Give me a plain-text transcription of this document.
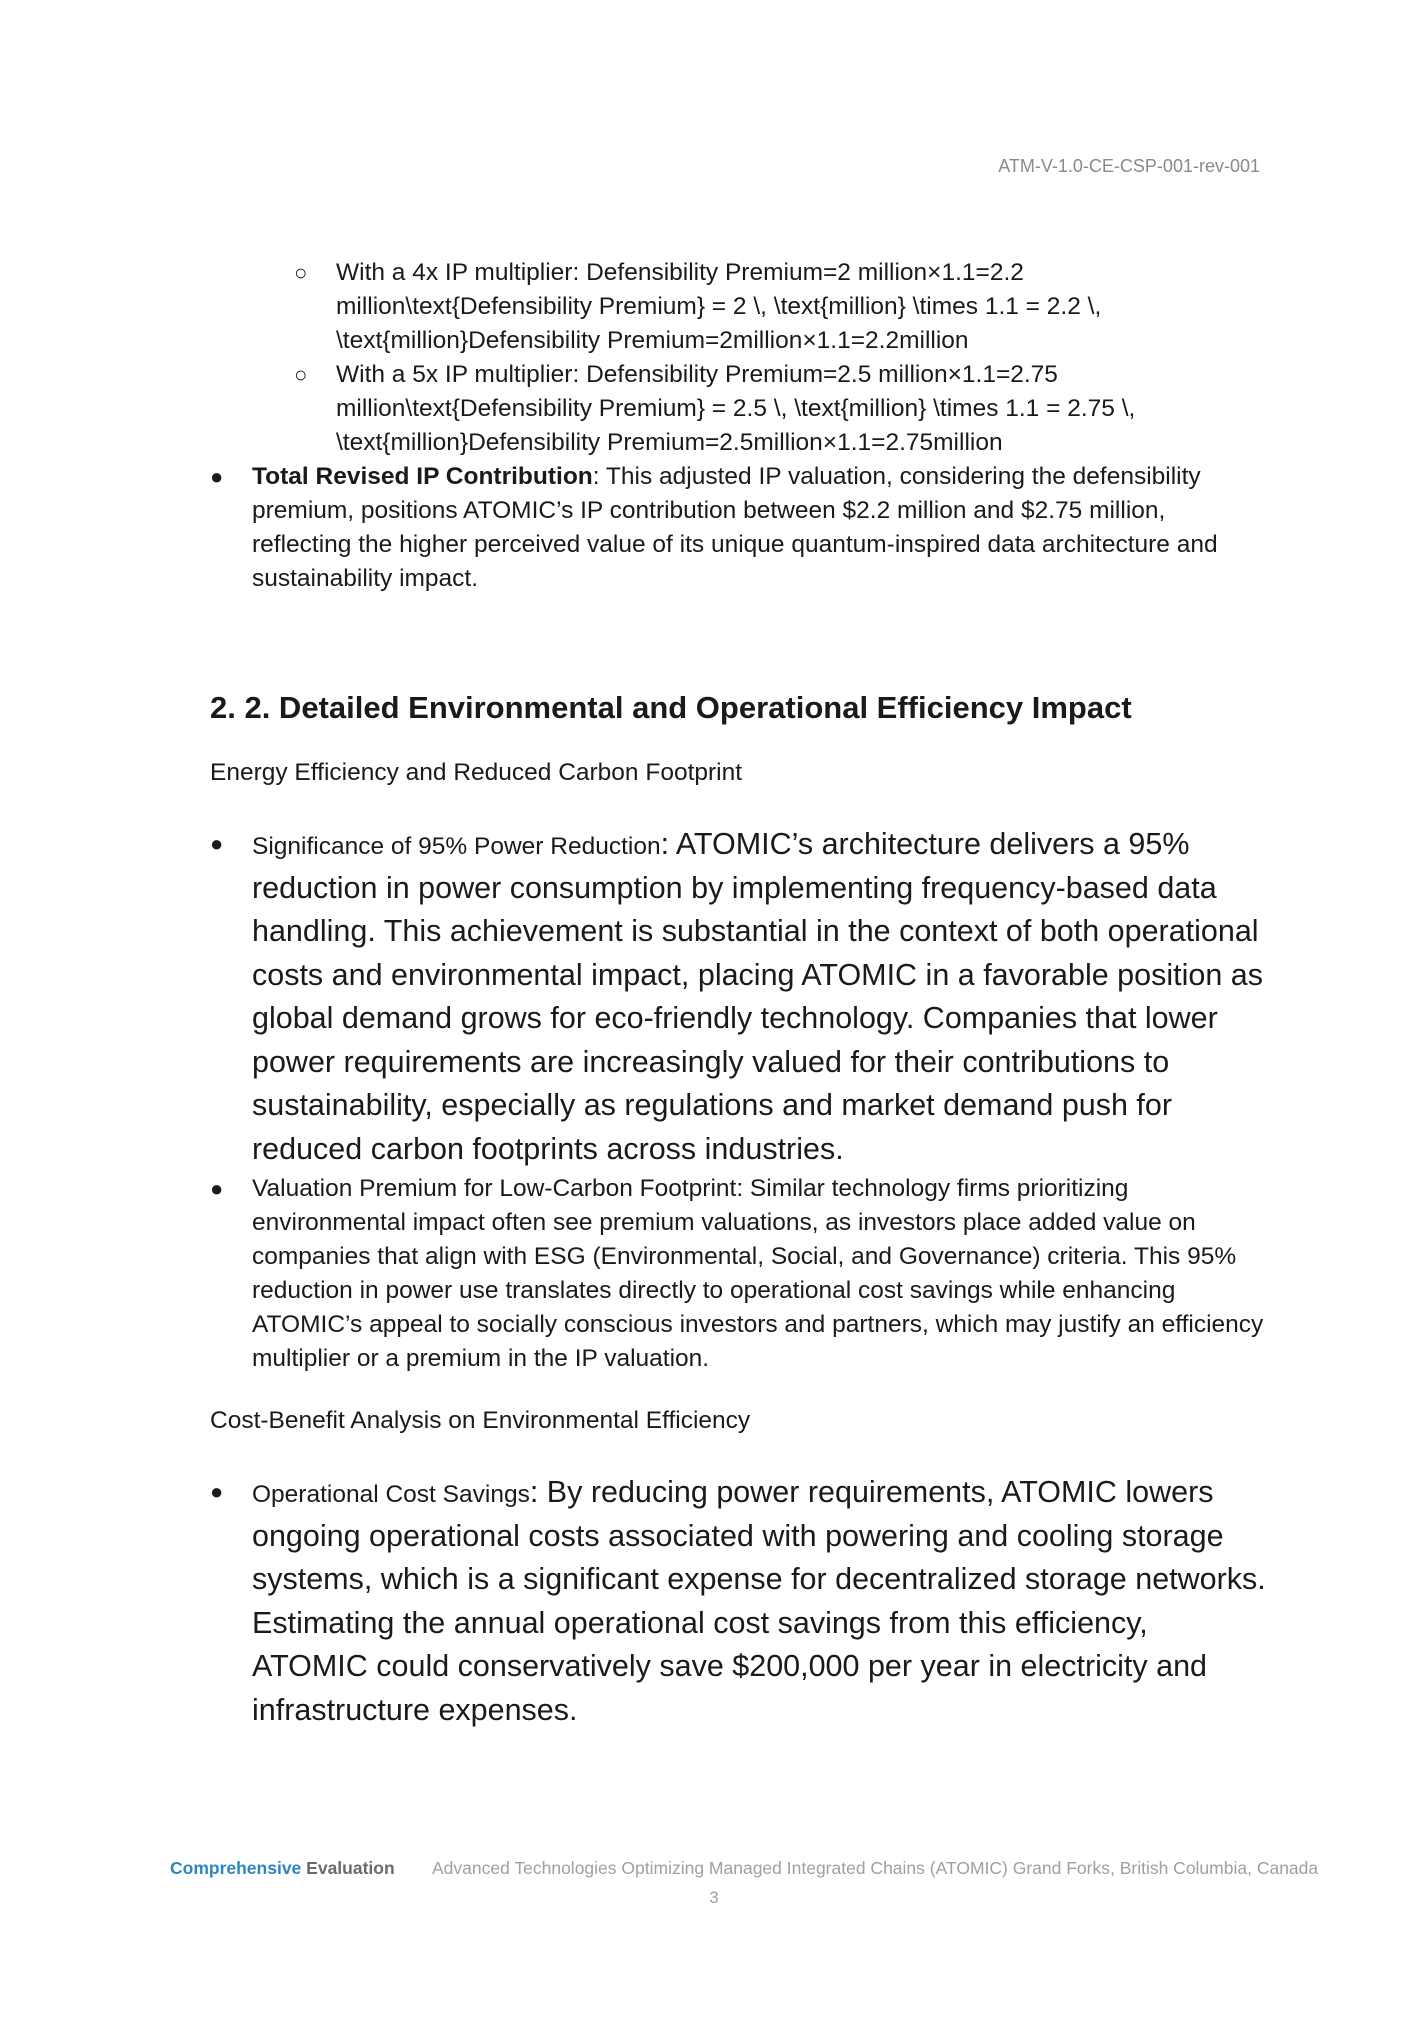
ATM-V-1.0-CE-CSP-001-rev-001
○ With a 4x IP multiplier: Defensibility Premium=2 million×1.1=2.2 million\text{Defensibility Premium} = 2 \, \text{million} \times 1.1 = 2.2 \, \text{million}Defensibility Premium=2million×1.1=2.2million
○ With a 5x IP multiplier: Defensibility Premium=2.5 million×1.1=2.75 million\text{Defensibility Premium} = 2.5 \, \text{million} \times 1.1 = 2.75 \, \text{million}Defensibility Premium=2.5million×1.1=2.75million
● Total Revised IP Contribution: This adjusted IP valuation, considering the defensibility premium, positions ATOMIC’s IP contribution between $2.2 million and $2.75 million, reflecting the higher perceived value of its unique quantum-inspired data architecture and sustainability impact.
2. 2. Detailed Environmental and Operational Efficiency Impact

Energy Efficiency and Reduced Carbon Footprint

● Significance of 95% Power Reduction: ATOMIC’s architecture delivers a 95% reduction in power consumption by implementing frequency-based data handling. This achievement is substantial in the context of both operational costs and environmental impact, placing ATOMIC in a favorable position as global demand grows for eco-friendly technology. Companies that lower power requirements are increasingly valued for their contributions to sustainability, especially as regulations and market demand push for reduced carbon footprints across industries.
● Valuation Premium for Low-Carbon Footprint: Similar technology firms prioritizing environmental impact often see premium valuations, as investors place added value on companies that align with ESG (Environmental, Social, and Governance) criteria. This 95% reduction in power use translates directly to operational cost savings while enhancing ATOMIC’s appeal to socially conscious investors and partners, which may justify an efficiency multiplier or a premium in the IP valuation.

Cost-Benefit Analysis on Environmental Efficiency

● Operational Cost Savings: By reducing power requirements, ATOMIC lowers ongoing operational costs associated with powering and cooling storage systems, which is a significant expense for decentralized storage networks. Estimating the annual operational cost savings from this efficiency, ATOMIC could conservatively save $200,000 per year in electricity and infrastructure expenses.
Comprehensive Evaluation Advanced Technologies Optimizing Managed Integrated Chains (ATOMIC) Grand Forks, British Columbia, Canada
3
